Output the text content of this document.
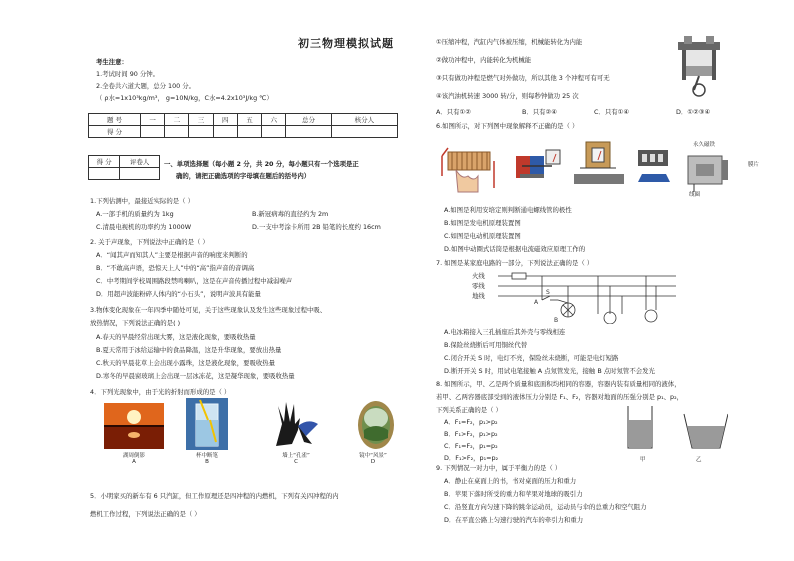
初三物理模拟试题
考生注意：
1.考试时间 90 分钟。
2.全卷共六道大题，总分 100 分。
（ ρ水=1x10³kg/m³， g=10N/kg，C水=4.2x10³J/kg ℃）
题 号	一	二	三	四	五	六	总分	核分人
得 分								
得 分	评卷人
	一、单项选择题（每小题 2 分，共 20 分，每小题只有一个选项是正
确的，请把正确选项的字母填在题后的括号内）
1.下列估测中，最接近实际的是（ ）
A.一部手机的质量约为 1kg	B.新冠病毒的直径约为 2m
C.清晨电视机的功率约为 1000W	D.一支中考涂卡所用 2B 铅笔的长度约 16cm
2. 关于声现象，下列说法中正确的是（ ）
A．“闻其声而知其人”主要是根据声音的响度来判断的
B．“不敢高声语，恐惊天上人”中的“高”指声音的音调高
C．中考期间学校周围路段禁鸣喇叭，这是在声音传播过程中减弱噪声
D．用超声波能粉碎人体内的“小石头”，说明声波具有能量
3.物体变化现象在一年四季中随处可见，关于这些现象认及发生这些现象过程中吸、
放热情况，下列说法正确的是( )
A.春天的早晨经常出现大雾，这是液化现象，要吸收热量
B.夏天常用于冰给运输中的食品降温，这是升华现象，要放出热量
C.秋天的早晨花草上会出现小露珠，这是液化现象，要吸收热量
D.寒冬的早晨窗玻璃上会出现一层冰冻花，这是凝华现象，要吸收热量
4．下列光现象中，由于光的折射而形成的是（ ）
湖周倒影
A
杯中断笔
B
墙上“孔雀”
C
镜中“风景”
D
5．小明家买的新车有 6 只汽缸，但工作原理还是四冲程的内燃机，下列有关四冲程的内
燃机工作过程，下列说法正确的是（ ）
①压缩冲程，汽缸内气体被压缩，机械能转化为内能
②做功冲程中，内能转化为机械能
③只有做功冲程是燃气对外做功，所以其他 3 个冲程可有可无
④该汽油机转速 3000 转/分，则每秒钟做功 25 次
A．只有①②	B．只有②④	C．只有①④	D．①②③④
6.如图所示，对下列图中现象解释不正确的是（ ）
永久磁铁
线圈
膜片
A.如图是利用安培定则判断通电螺线管的极性
B.如图是发电机原理装置图
C.如图是电动机原理装置图
D.如图中动圈式话筒是根据电流磁效应原理工作的
7. 如图是某家庭电路的一部分，下列说法正确的是（ ）
火线
零线
地线	S
A
B
A.电冰箱接入三孔插座后其外壳与零线相连
B.保险丝烧断后可用铜丝代替
C.闭合开关 S 时，电灯不亮，保险丝未烧断，可能是电灯短路
D.断开开关 S 时，用试电笔接触 A 点氖管发光，接触 B 点时氖管不会发光
8. 如图所示，甲、乙是两个质量和底面积均相同的容器，容器内装有质量相同的液体，
若甲、乙两容器底部受到的液体压力分别是 F₁、F₂，容器对地面的压强分别是 p₁、p₂，
下列关系正确的是（ ）
A．F₁=F₂，p₁>p₂
B．F₁>F₂，p₁>p₂
C．F₁=F₂，p₁=p₂
D．F₁>F₂，p₁=p₂	甲	乙
9. 下列情况一对力中，属于平衡力的是（ ）
A．静止在桌面上的书，书对桌面的压力和重力
B．苹果下落时所受的重力和苹果对地球的吸引力
C．沿竖直方向匀速下降的跳伞运动员，运动员与伞的总重力和空气阻力
D．在平直公路上匀速行驶的汽车的牵引力和重力
